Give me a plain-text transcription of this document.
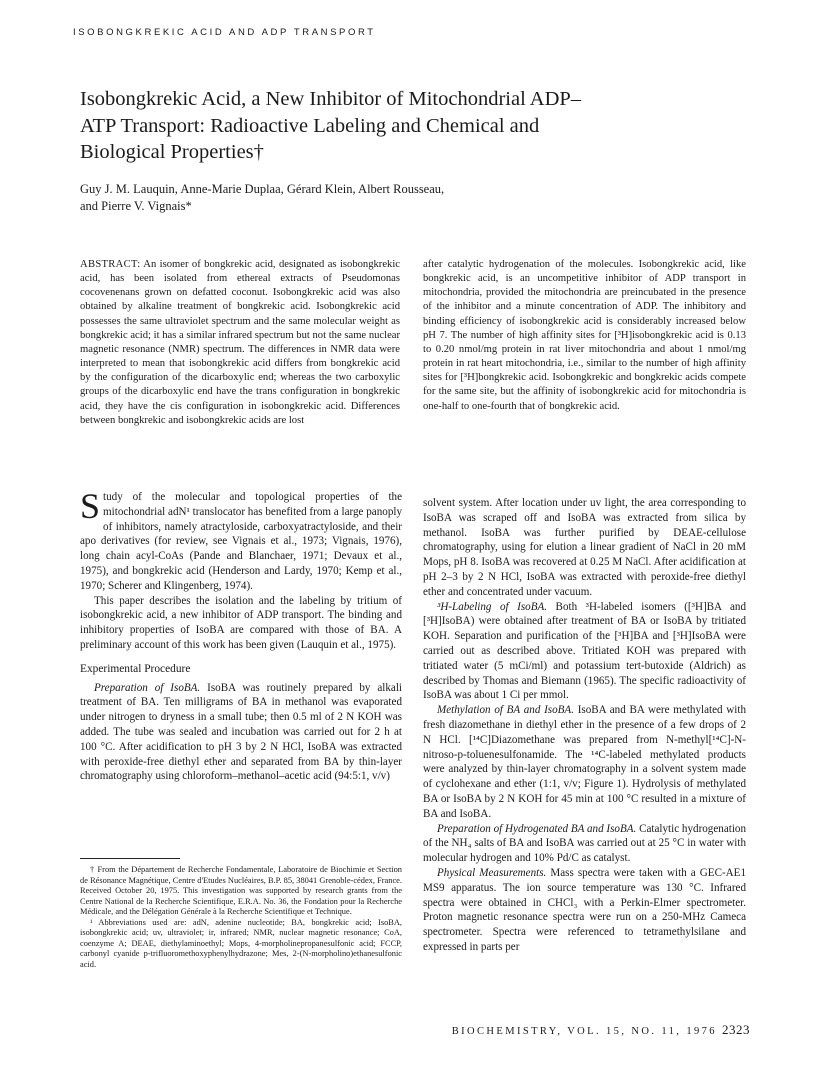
ISOBONGKREKIC ACID AND ADP TRANSPORT
Isobongkrekic Acid, a New Inhibitor of Mitochondrial ADP–ATP Transport: Radioactive Labeling and Chemical and Biological Properties†
Guy J. M. Lauquin, Anne-Marie Duplaa, Gérard Klein, Albert Rousseau, and Pierre V. Vignais*
ABSTRACT: An isomer of bongkrekic acid, designated as isobongkrekic acid, has been isolated from ethereal extracts of Pseudomonas cocovenenans grown on defatted coconut. Isobongkrekic acid was also obtained by alkaline treatment of bongkrekic acid. Isobongkrekic acid possesses the same ultraviolet spectrum and the same molecular weight as bongkrekic acid; it has a similar infrared spectrum but not the same nuclear magnetic resonance (NMR) spectrum. The differences in NMR data were interpreted to mean that isobongkrekic acid differs from bongkrekic acid by the configuration of the dicarboxylic end; whereas the two carboxylic groups of the dicarboxylic end have the trans configuration in bongkrekic acid, they have the cis configuration in isobongkrekic acid. Differences between bongkrekic and isobongkrekic acids are lost
after catalytic hydrogenation of the molecules. Isobongkrekic acid, like bongkrekic acid, is an uncompetitive inhibitor of ADP transport in mitochondria, provided the mitochondria are preincubated in the presence of the inhibitor and a minute concentration of ADP. The inhibitory and binding efficiency of isobongkrekic acid is considerably increased below pH 7. The number of high affinity sites for [³H]isobongkrekic acid is 0.13 to 0.20 nmol/mg protein in rat liver mitochondria and about 1 nmol/mg protein in rat heart mitochondria, i.e., similar to the number of high affinity sites for [³H]bongkrekic acid. Isobongkrekic and bongkrekic acids compete for the same site, but the affinity of isobongkrekic acid for mitochondria is one-half to one-fourth that of bongkrekic acid.

Study of the molecular and topological properties of the mitochondrial adN¹ translocator has benefited from a large panoply of inhibitors, namely atractyloside, carboxyatractyloside, and their apo derivatives (for review, see Vignais et al., 1973; Vignais, 1976), long chain acyl-CoAs (Pande and Blanchaer, 1971; Devaux et al., 1975), and bongkrekic acid (Henderson and Lardy, 1970; Kemp et al., 1970; Scherer and Klingenberg, 1974).

This paper describes the isolation and the labeling by tritium of isobongkrekic acid, a new inhibitor of ADP transport. The binding and inhibitory properties of IsoBA are compared with those of BA. A preliminary account of this work has been given (Lauquin et al., 1975).

Experimental Procedure

Preparation of IsoBA. IsoBA was routinely prepared by alkali treatment of BA. Ten milligrams of BA in methanol was evaporated under nitrogen to dryness in a small tube; then 0.5 ml of 2 N KOH was added. The tube was sealed and incubation was carried out for 2 h at 100 °C. After acidification to pH 3 by 2 N HCl, IsoBA was extracted with peroxide-free diethyl ether and separated from BA by thin-layer chromatography using chloroform–methanol–acetic acid (94:5:1, v/v)

solvent system. After location under uv light, the area corresponding to IsoBA was scraped off and IsoBA was extracted from silica by methanol. IsoBA was further purified by DEAE-cellulose chromatography, using for elution a linear gradient of NaCl in 20 mM Mops, pH 8. IsoBA was recovered at 0.25 M NaCl. After acidification at pH 2–3 by 2 N HCl, IsoBA was extracted with peroxide-free diethyl ether and concentrated under vacuum.

³H-Labeling of IsoBA. Both ³H-labeled isomers ([³H]BA and [³H]IsoBA) were obtained after treatment of BA or IsoBA by tritiated KOH. Separation and purification of the [³H]BA and [³H]IsoBA were carried out as described above. Tritiated KOH was prepared with tritiated water (5 mCi/ml) and potassium tert-butoxide (Aldrich) as described by Thomas and Biemann (1965). The specific radioactivity of IsoBA was about 1 Ci per mmol.

Methylation of BA and IsoBA. IsoBA and BA were methylated with fresh diazomethane in diethyl ether in the presence of a few drops of 2 N HCl. [¹⁴C]Diazomethane was prepared from N-methyl[¹⁴C]-N-nitroso-p-toluenesulfonamide. The ¹⁴C-labeled methylated products were analyzed by thin-layer chromatography in a solvent system made of cyclohexane and ether (1:1, v/v; Figure 1). Hydrolysis of methylated BA or IsoBA by 2 N KOH for 45 min at 100 °C resulted in a mixture of BA and IsoBA.

Preparation of Hydrogenated BA and IsoBA. Catalytic hydrogenation of the NH₄ salts of BA and IsoBA was carried out at 25 °C in water with molecular hydrogen and 10% Pd/C as catalyst.

Physical Measurements. Mass spectra were taken with a GEC-AE1 MS9 apparatus. The ion source temperature was 130 °C. Infrared spectra were obtained in CHCl₃ with a Perkin-Elmer spectrometer. Proton magnetic resonance spectra were run on a 250-MHz Cameca spectrometer. Spectra were referenced to tetramethylsilane and expressed in parts per

† From the Département de Recherche Fondamentale, Laboratoire de Biochimie et Section de Résonance Magnétique, Centre d'Etudes Nucléaires, B.P. 85, 38041 Grenoble-cédex, France. Received October 20, 1975. This investigation was supported by research grants from the Centre National de la Recherche Scientifique, E.R.A. No. 36, the Fondation pour la Recherche Médicale, and the Délégation Générale à la Recherche Scientifique et Technique.

¹ Abbreviations used are: adN, adenine nucleotide; BA, bongkrekic acid; IsoBA, isobongkrekic acid; uv, ultraviolet; ir, infrared; NMR, nuclear magnetic resonance; CoA, coenzyme A; DEAE, diethylaminoethyl; Mops, 4-morpholinepropanesulfonic acid; FCCP, carbonyl cyanide p-trifluoromethoxyphenylhydrazone; Mes, 2-(N-morpholino)ethanesulfonic acid.

BIOCHEMISTRY, VOL. 15, NO. 11, 1976 2323
